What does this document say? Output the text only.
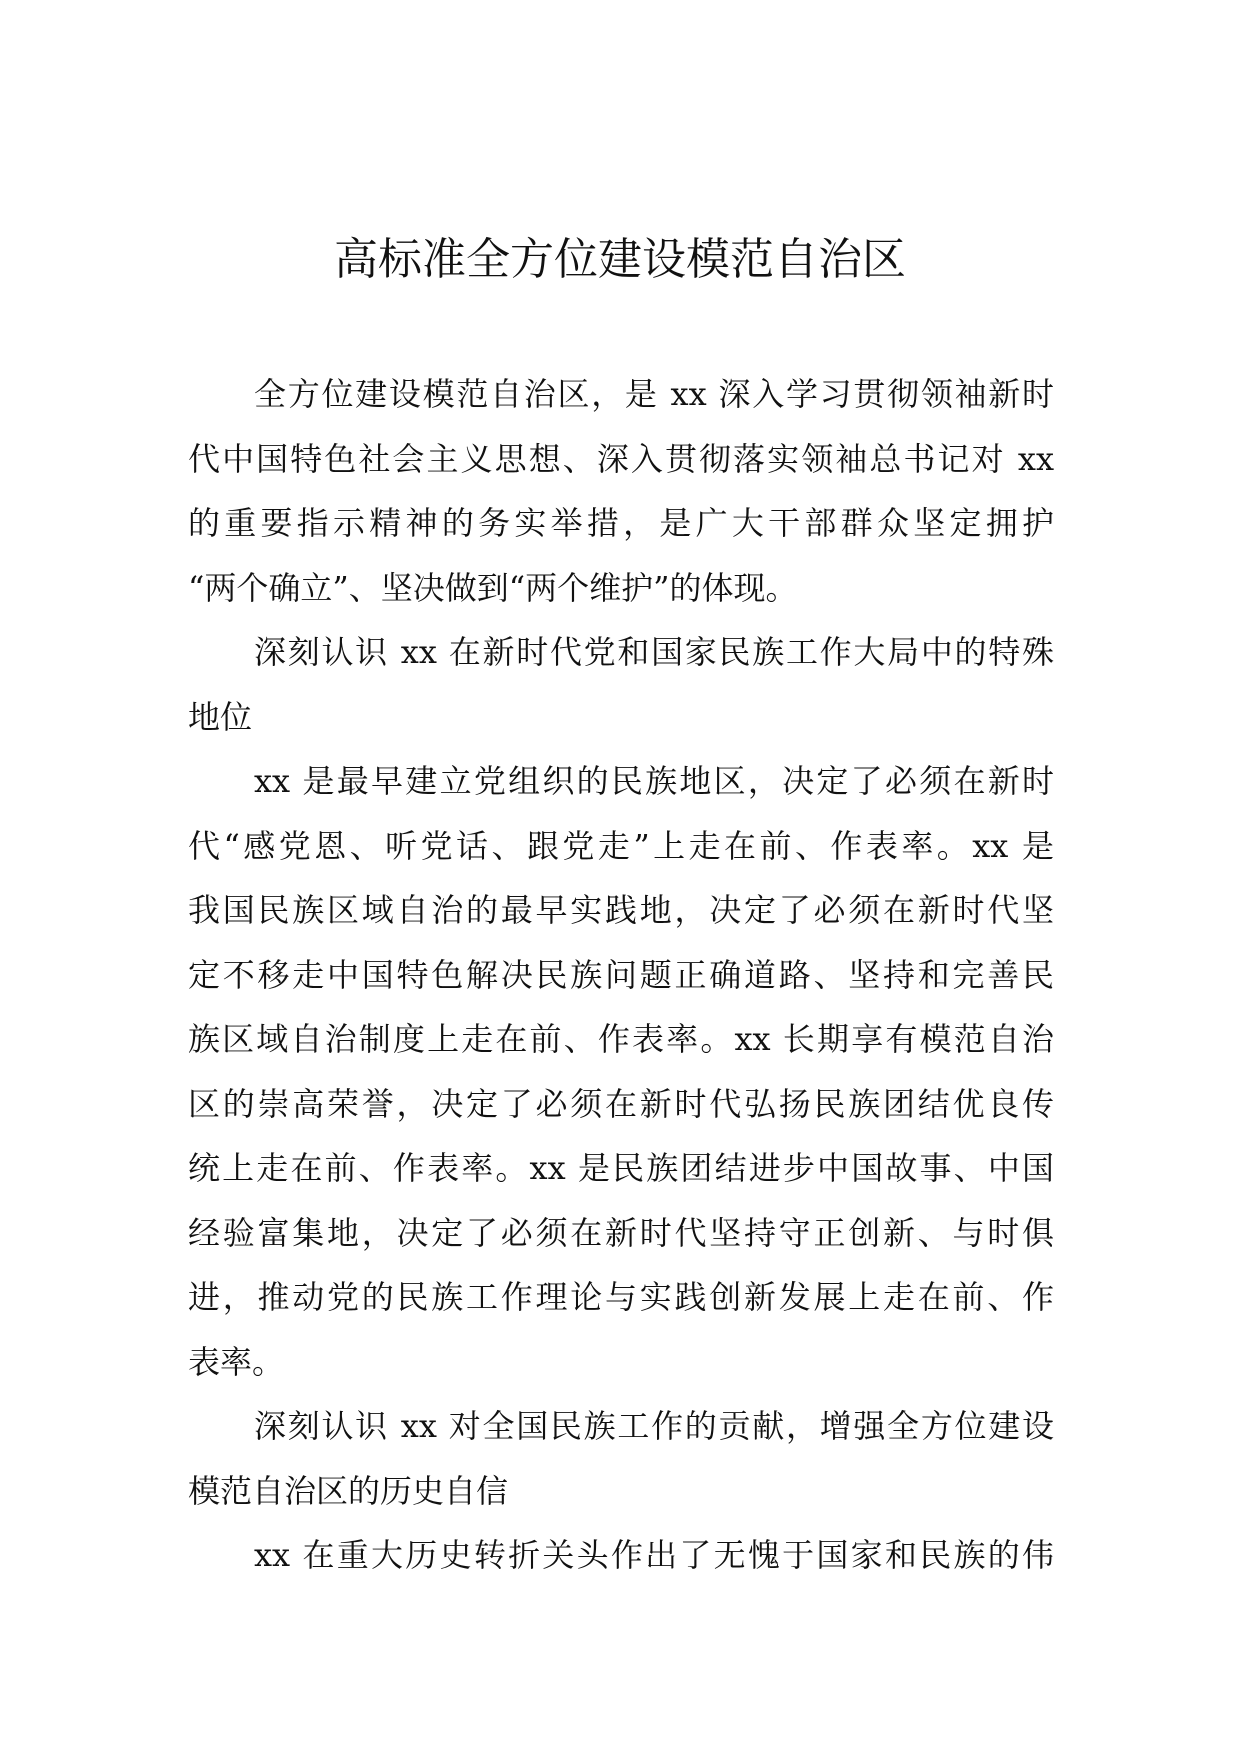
高标准全方位建设模范自治区
全方位建设模范自治区，是 xx 深入学习贯彻领袖新时
代中国特色社会主义思想、深入贯彻落实领袖总书记对 xx
的重要指示精神的务实举措，是广大干部群众坚定拥护
“两个确立”、坚决做到“两个维护”的体现。
深刻认识 xx 在新时代党和国家民族工作大局中的特殊
地位
xx 是最早建立党组织的民族地区，决定了必须在新时
代“感党恩、听党话、跟党走”上走在前、作表率。xx 是
我国民族区域自治的最早实践地，决定了必须在新时代坚
定不移走中国特色解决民族问题正确道路、坚持和完善民
族区域自治制度上走在前、作表率。xx 长期享有模范自治
区的崇高荣誉，决定了必须在新时代弘扬民族团结优良传
统上走在前、作表率。xx 是民族团结进步中国故事、中国
经验富集地，决定了必须在新时代坚持守正创新、与时俱
进，推动党的民族工作理论与实践创新发展上走在前、作
表率。
深刻认识 xx 对全国民族工作的贡献，增强全方位建设
模范自治区的历史自信
xx 在重大历史转折关头作出了无愧于国家和民族的伟
